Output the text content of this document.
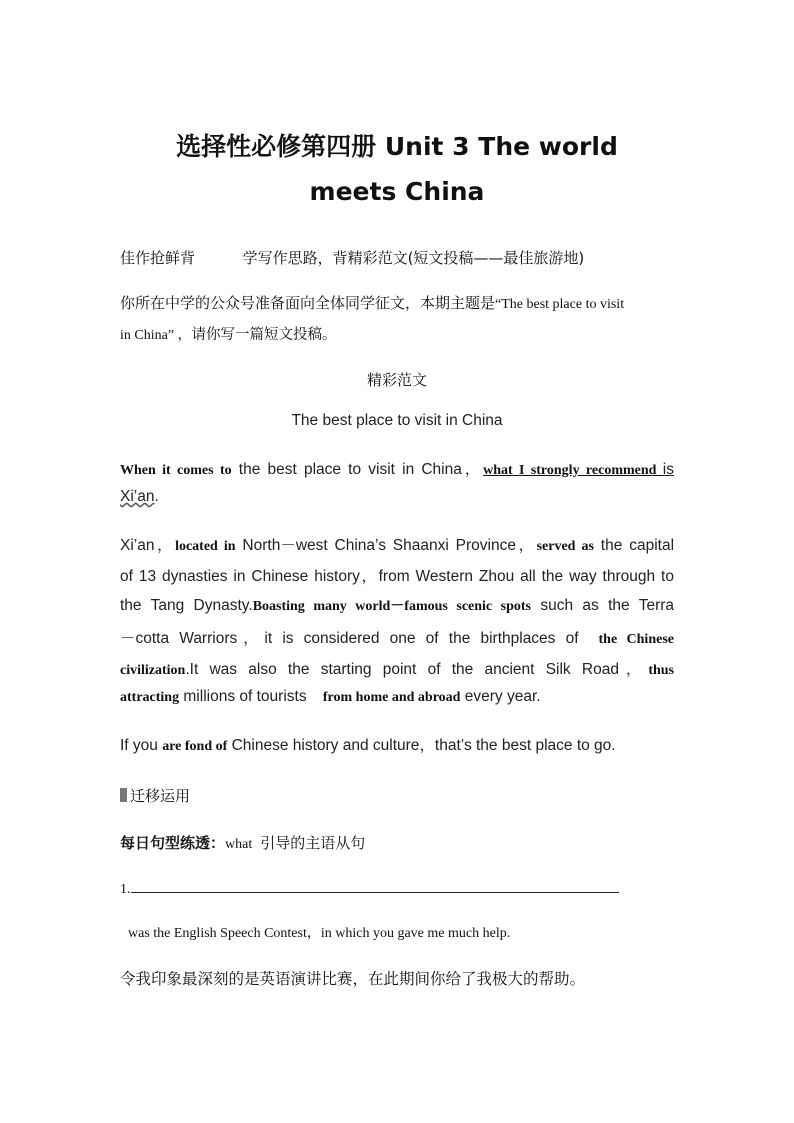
选择性必修第四册 Unit 3 The world
meets China
佳作抢鲜背	学写作思路，背精彩范文(短文投稿——最佳旅游地)
你所在中学的公众号准备面向全体同学征文，本期主题是“The best place to visit
in China” ，请你写一篇短文投稿。
精彩范文
The best place to visit in China
When it comes to the best place to visit in China，what I strongly recommend is
Xi’an.
Xi’an，located in North－west China’s Shaanxi Province，served as the capital
of 13 dynasties in Chinese history，from Western Zhou all the way through to
the Tang Dynasty.Boasting many world－famous scenic spots such as the Terra
－cotta Warriors，it is considered one of the birthplaces of the Chinese
civilization.It was also the starting point of the ancient Silk Road，thus
attracting millions of tourists from home and abroad every year.
If you are fond of Chinese history and culture，that’s the best place to go.
迁移运用
每日句型练透：what 引导的主语从句
1.
was the English Speech Contest，in which you gave me much help.
令我印象最深刻的是英语演讲比赛，在此期间你给了我极大的帮助。
